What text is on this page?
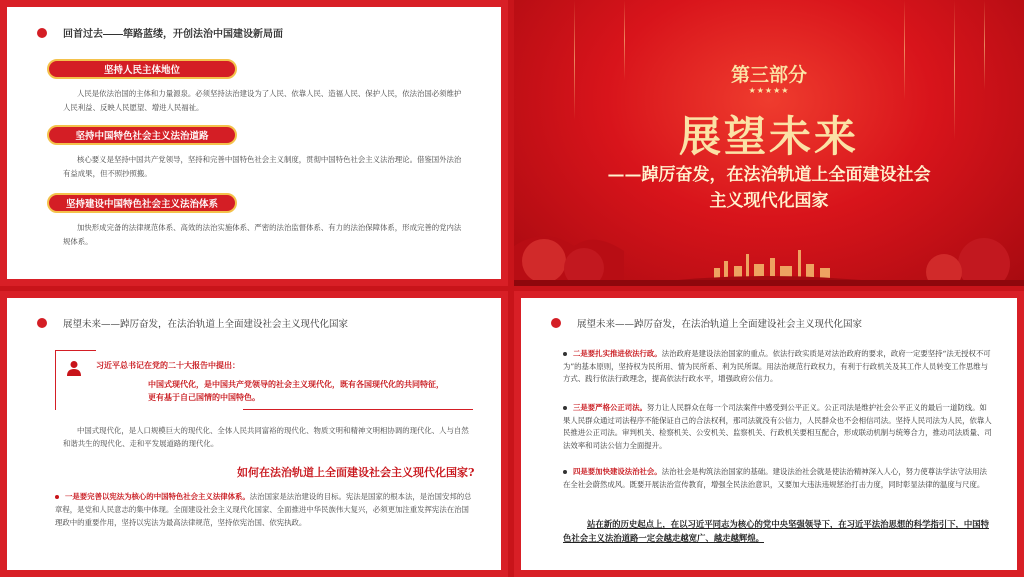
回首过去——筚路蓝缕，开创法治中国建设新局面
坚持人民主体地位
人民是依法治国的主体和力量源泉。必须坚持法治建设为了人民、依靠人民、造福人民、保护人民，依法治国必须维护人民利益、反映人民愿望、增进人民福祉。
坚持中国特色社会主义法治道路
核心要义是坚持中国共产党领导，坚持和完善中国特色社会主义制度，贯彻中国特色社会主义法治理论。借鉴国外法治有益成果，但不照抄照搬。
坚持建设中国特色社会主义法治体系
加快形成完备的法律规范体系、高效的法治实施体系、严密的法治监督体系、有力的法治保障体系，形成完善的党内法规体系。
第三部分
★★★★★
展望未来
——踔厉奋发，在法治轨道上全面建设社会
主义现代化国家
展望未来——踔厉奋发，在法治轨道上全面建设社会主义现代化国家
习近平总书记在党的二十大报告中提出：
中国式现代化，是中国共产党领导的社会主义现代化，既有各国现代化的共同特征，更有基于自己国情的中国特色。
中国式现代化，是人口规模巨大的现代化、全体人民共同富裕的现代化、物质文明和精神文明相协调的现代化、人与自然和谐共生的现代化、走和平发展道路的现代化。
如何在法治轨道上全面建设社会主义现代化国家?
一是要完善以宪法为核心的中国特色社会主义法律体系。法治国家是法治建设的目标。宪法是国家的根本法，是治国安邦的总章程，是党和人民意志的集中体现。全面建设社会主义现代化国家、全面推进中华民族伟大复兴，必须更加注重发挥宪法在治国理政中的重要作用，坚持以宪法为最高法律规范，坚持依宪治国、依宪执政。
展望未来——踔厉奋发，在法治轨道上全面建设社会主义现代化国家
二是要扎实推进依法行政。法治政府是建设法治国家的重点。依法行政实质是对法治政府的要求，政府一定要坚持“法无授权不可为”的基本原则，坚持权为民所用、情为民所系、利为民所谋。用法治规范行政权力，有利于行政机关及其工作人员转变工作思维与方式、践行依法行政理念，提高依法行政水平，增强政府公信力。
三是要严格公正司法。努力让人民群众在每一个司法案件中感受到公平正义。公正司法是维护社会公平正义的最后一道防线。如果人民群众通过司法程序不能保证自己的合法权利，那司法就没有公信力，人民群众也不会相信司法。坚持人民司法为人民，依靠人民推进公正司法。审判机关、检察机关、公安机关、监察机关、行政机关要相互配合，形成联动机制与统筹合力，推动司法质量、司法效率和司法公信力全面提升。
四是要加快建设法治社会。法治社会是构筑法治国家的基础。建设法治社会就是使法治精神深入人心，努力使尊法学法守法用法在全社会蔚然成风。既要开展法治宣传教育，增强全民法治意识，又要加大违法违规惩治打击力度，同时彰显法律的温度与尺度。
站在新的历史起点上，在以习近平同志为核心的党中央坚强领导下，在习近平法治思想的科学指引下，中国特色社会主义法治道路一定会越走越宽广、越走越辉煌。
